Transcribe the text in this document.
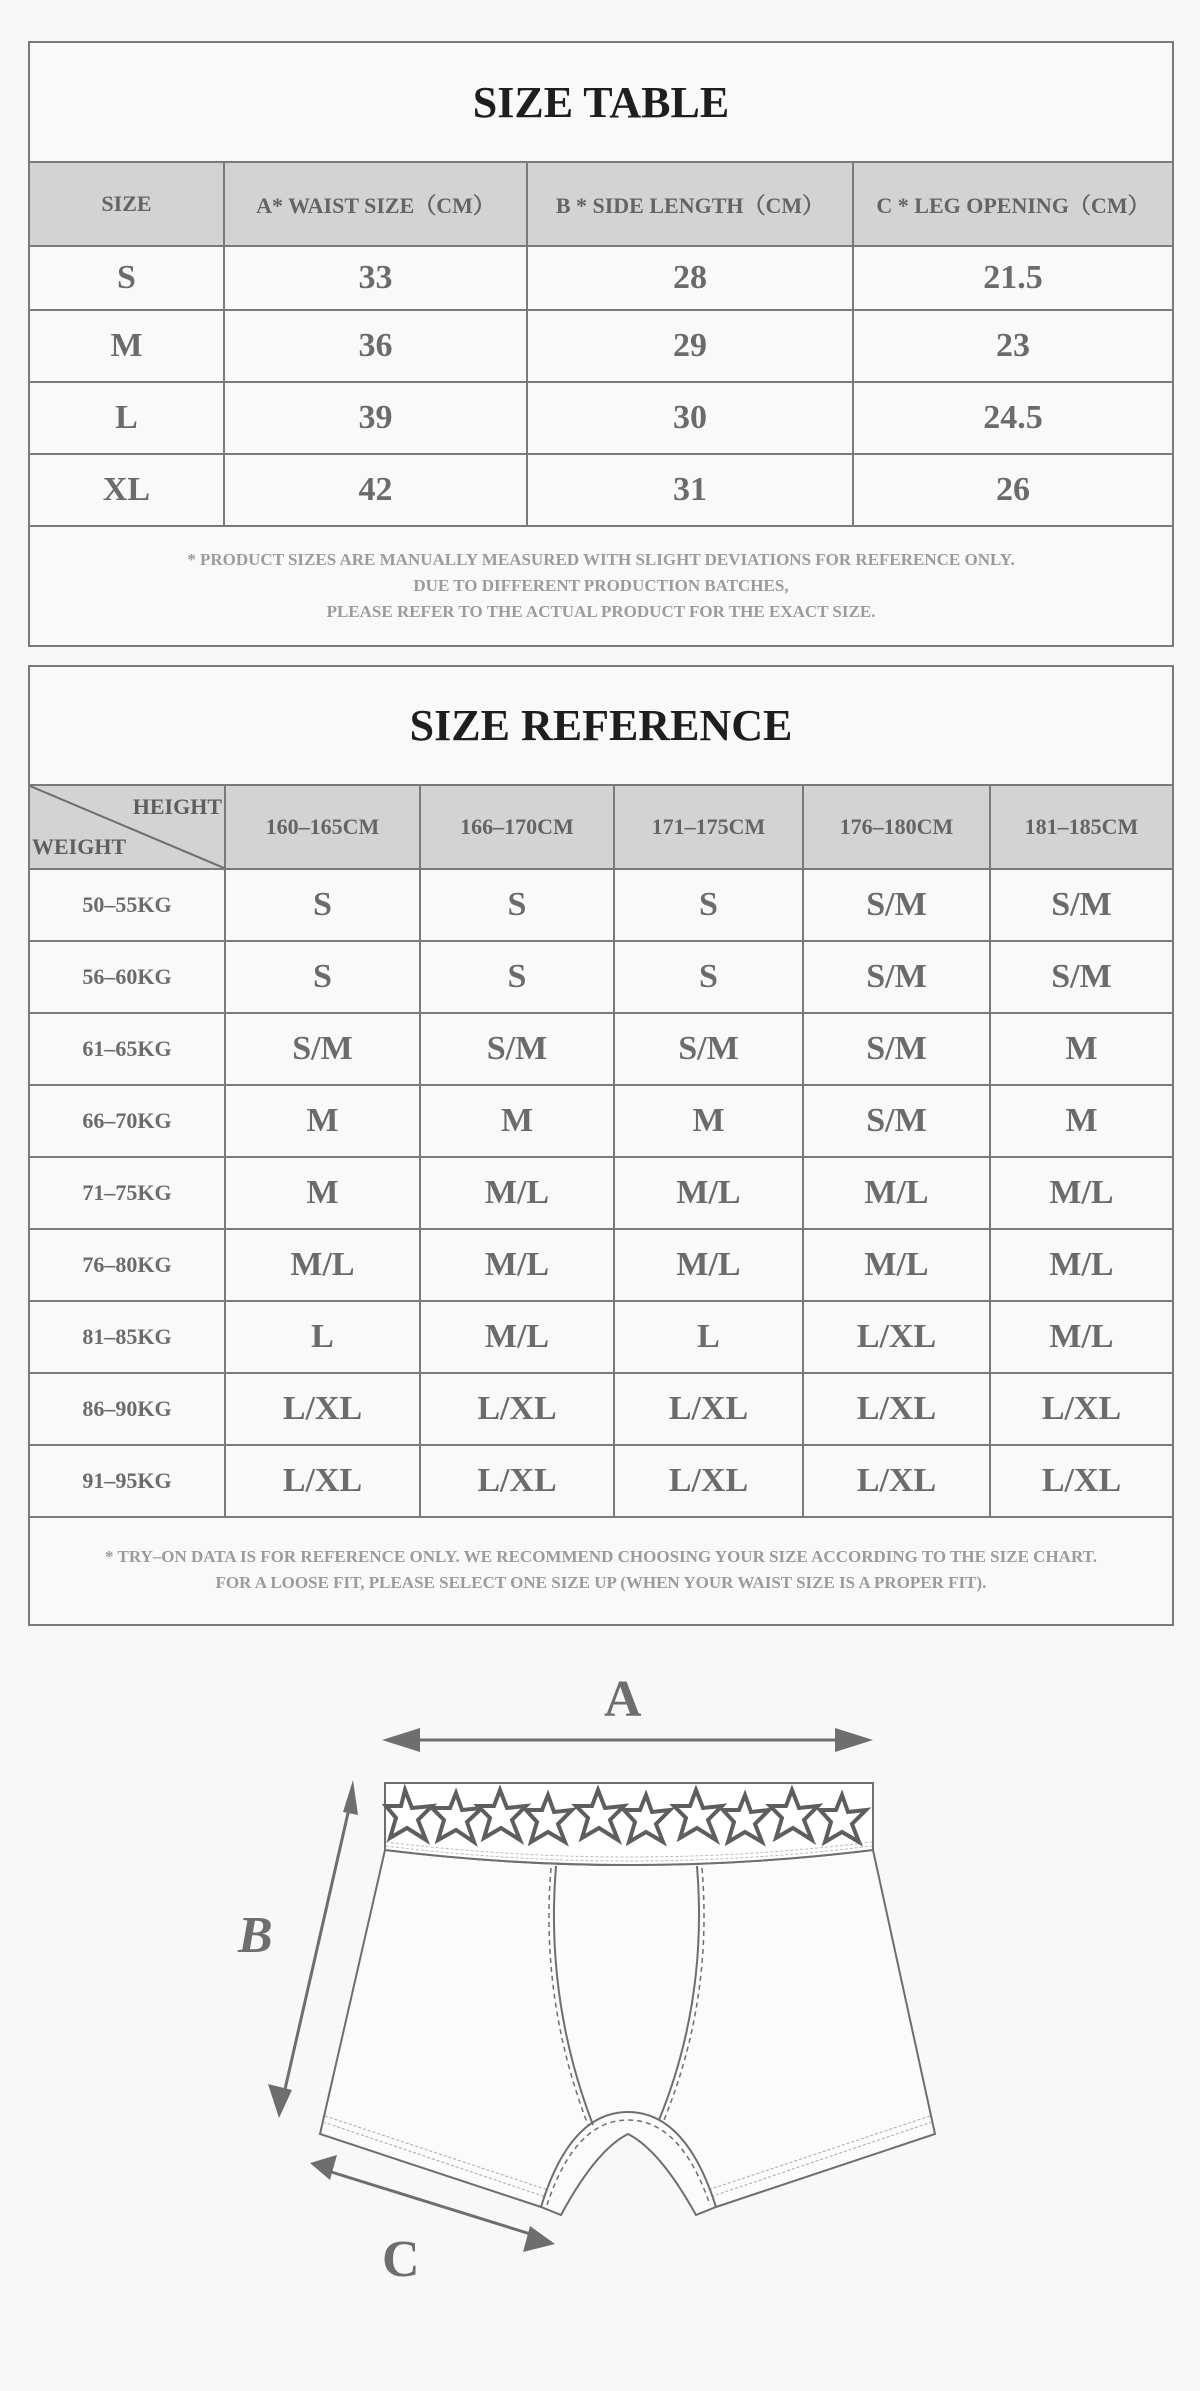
SIZE TABLE
SIZE	A* WAIST SIZE（CM）	B * SIDE LENGTH（CM）	C * LEG OPENING（CM）
S	33	28	21.5
M	36	29	23
L	39	30	24.5
XL	42	31	26
* PRODUCT SIZES ARE MANUALLY MEASURED WITH SLIGHT DEVIATIONS FOR REFERENCE ONLY.
DUE TO DIFFERENT PRODUCTION BATCHES,
PLEASE REFER TO THE ACTUAL PRODUCT FOR THE EXACT SIZE.
SIZE REFERENCE
HEIGHT
WEIGHT
160–165CM	166–170CM	171–175CM	176–180CM	181–185CM
50–55KG	S	S	S	S/M	S/M
56–60KG	S	S	S	S/M	S/M
61–65KG	S/M	S/M	S/M	S/M	M
66–70KG	M	M	M	S/M	M
71–75KG	M	M/L	M/L	M/L	M/L
76–80KG	M/L	M/L	M/L	M/L	M/L
81–85KG	L	M/L	L	L/XL	M/L
86–90KG	L/XL	L/XL	L/XL	L/XL	L/XL
91–95KG	L/XL	L/XL	L/XL	L/XL	L/XL
* TRY–ON DATA IS FOR REFERENCE ONLY. WE RECOMMEND CHOOSING YOUR SIZE ACCORDING TO THE SIZE CHART.
FOR A LOOSE FIT, PLEASE SELECT ONE SIZE UP (WHEN YOUR WAIST SIZE IS A PROPER FIT).
A
B
C
